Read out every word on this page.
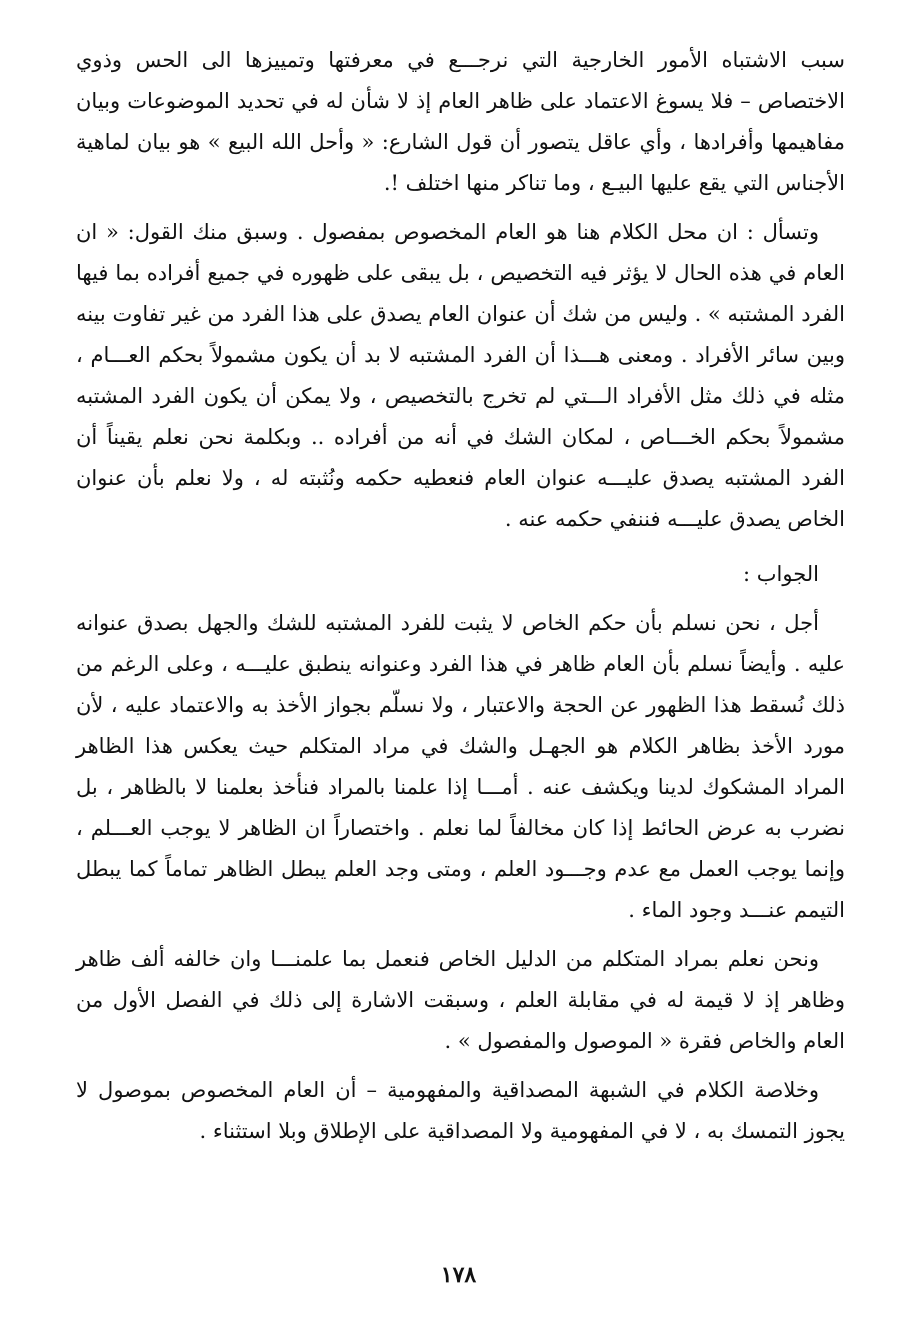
سبب الاشتباه الأمور الخارجية التي نرجـــع في معرفتها وتمييزها الى الحس وذوي الاختصاص – فلا يسوغ الاعتماد على ظاهر العام إذ لا شأن له في تحديد الموضوعات وبيان مفاهيمها وأفرادها ، وأي عاقل يتصور أن قول الشارع: « وأحل الله البيع » هو بيان لماهية الأجناس التي يقع عليها البيـع ، وما تناكر منها اختلف !.

وتسأل : ان محل الكلام هنا هو العام المخصوص بمفصول . وسبق منك القول: « ان العام في هذه الحال لا يؤثر فيه التخصيص ، بل يبقى على ظهوره في جميع أفراده بما فيها الفرد المشتبه » . وليس من شك أن عنوان العام يصدق على هذا الفرد من غير تفاوت بينه وبين سائر الأفراد . ومعنى هـــذا أن الفرد المشتبه لا بد أن يكون مشمولاً بحكم العـــام ، مثله في ذلك مثل الأفراد الـــتي لم تخرج بالتخصيص ، ولا يمكن أن يكون الفرد المشتبه مشمولاً بحكم الخـــاص ، لمكان الشك في أنه من أفراده .. وبكلمة نحن نعلم يقيناً أن الفرد المشتبه يصدق عليـــه عنوان العام فنعطيه حكمه ونُثبته له ، ولا نعلم بأن عنوان الخاص يصدق عليـــه فننفي حكمه عنه .

الجواب :

أجل ، نحن نسلم بأن حكم الخاص لا يثبت للفرد المشتبه للشك والجهل بصدق عنوانه عليه . وأيضاً نسلم بأن العام ظاهر في هذا الفرد وعنوانه ينطبق عليـــه ، وعلى الرغم من ذلك نُسقط هذا الظهور عن الحجة والاعتبار ، ولا نسلّم بجواز الأخذ به والاعتماد عليه ، لأن مورد الأخذ بظاهر الكلام هو الجهـل والشك في مراد المتكلم حيث يعكس هذا الظاهر المراد المشكوك لدينا ويكشف عنه . أمـــا إذا علمنا بالمراد فنأخذ بعلمنا لا بالظاهر ، بل نضرب به عرض الحائط إذا كان مخالفاً لما نعلم . واختصاراً ان الظاهر لا يوجب العـــلم ، وإنما يوجب العمل مع عدم وجـــود العلم ، ومتى وجد العلم يبطل الظاهر تماماً كما يبطل التيمم عنـــد وجود الماء .

ونحن نعلم بمراد المتكلم من الدليل الخاص فنعمل بما علمنـــا وان خالفه ألف ظاهر وظاهر إذ لا قيمة له في مقابلة العلم ، وسبقت الاشارة إلى ذلك في الفصل الأول من العام والخاص فقرة « الموصول والمفصول » .

وخلاصة الكلام في الشبهة المصداقية والمفهومية – أن العام المخصوص بموصول لا يجوز التمسك به ، لا في المفهومية ولا المصداقية على الإطلاق وبلا استثناء .

١٧٨
